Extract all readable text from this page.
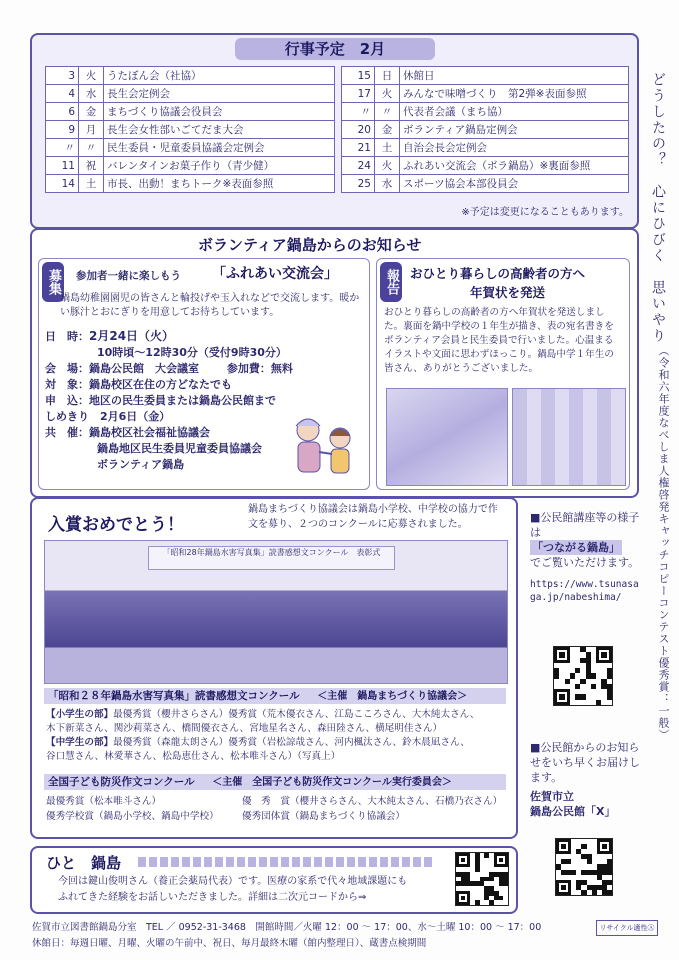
行事予定　2月
3	火	うたぼん会（社協）
4	水	長生会定例会
6	金	まちづくり協議会役員会
9	月	長生会女性部いごてだま大会
〃	〃	民生委員・児童委員協議会定例会
11	祝	バレンタインお菓子作り（青少健）
14	土	市長、出動！まちトーク※表面参照
15	日	休館日
17	火	みんなで味噌づくり　第2弾※表面参照
〃	〃	代表者会議（まち協）
20	金	ボランティア鍋島定例会
21	土	自治会長会定例会
24	火	ふれあい交流会（ボラ鍋島）※裏面参照
25	水	スポーツ協会本部役員会
※予定は変更になることもあります。 どうしたの？　心にひびく　思いやり
（令和六年度なべしま人権啓発キャッチコピーコンテスト優秀賞：一般）
ボランティア鍋島からのお知らせ
募集 参加者一緒に楽しもう 「ふれあい交流会」
鍋島幼稚園園児の皆さんと輪投げや玉入れなどで交流します。暖かい豚汁とおにぎりを用意してお待ちしています。
日　時：2月24日（火）
10時頃～12時30分（受付9時30分）
会　場：鍋島公民館　大会議室	参加費：無料
対　象：鍋島校区在住の方どなたでも
申　込：地区の民生委員または鍋島公民館まで
しめきり　 2月6日（金）
共　催：鍋島校区社会福祉協議会
鍋島地区民生委員児童委員協議会
ボランティア鍋島
報告 おひとり暮らしの高齢者の方へ
年賀状を発送
おひとり暮らしの高齢者の方へ年賀状を発送しました。裏面を鍋中学校の１年生が描き、表の宛名書きをボランティア会員と民生委員で行いました。心温まるイラストや文面に思わずほっこり。鍋島中学１年生の皆さん、ありがとうございました。
入賞おめでとう！
鍋島まちづくり協議会は鍋島小学校、中学校の協力で作文を募り、２つのコンクールに応募されました。
「昭和28年鍋島水害写真集」読書感想文コンクール　表彰式
「昭和２８年鍋島水害写真集」読書感想文コンクール ＜主催　鍋島まちづくり協議会＞
【小学生の部】最優秀賞（櫻井さらさん）優秀賞（荒木優衣さん、江島こころさん、大木純太さん、
木下新菜さん、関沙莉菜さん、橋間優衣さん、宮地星名さん、森田陸さん、横尾明佳さん）
【中学生の部】最優秀賞（森龍太朗さん）優秀賞（岩松諒哉さん、河内楓汰さん、鈴木晨凪さん、
谷口慧さん、林愛華さん、松島恵仕さん、松本唯斗さん）（写真上）
全国子ども防災作文コンクール ＜主催　全国子ども防災作文コンクール実行委員会＞
最優秀賞（松本唯斗さん）	優　秀　賞（櫻井さらさん、大木純太さん、石橋乃衣さん）
優秀学校賞（鍋島小学校、鍋島中学校） 優秀団体賞（鍋島まちづくり協議会）
■公民館講座等の様子は
「つながる鍋島」
でご覧いただけます。
https://www.tsunasaga.jp/nabeshima/
■公民館からのお知らせをいち早くお届けします。
佐賀市立
鍋島公民館「X」
ひと　鍋島
今回は鍵山俊明さん（養正会薬局代表）です。医療の家系で代々地域課題にも
ふれてきた経験をお話しいただきました。詳細は二次元コードから⇒
佐賀市立図書館鍋島分室　TEL ／ 0952-31-3468　開館時間／火曜 12：00 ～ 17：00、水～土曜 10：00 ～ 17：00
休館日：毎週日曜、月曜、火曜の午前中、祝日、毎月最終木曜（館内整理日）、蔵書点検期間
リサイクル適性Ⓐ
